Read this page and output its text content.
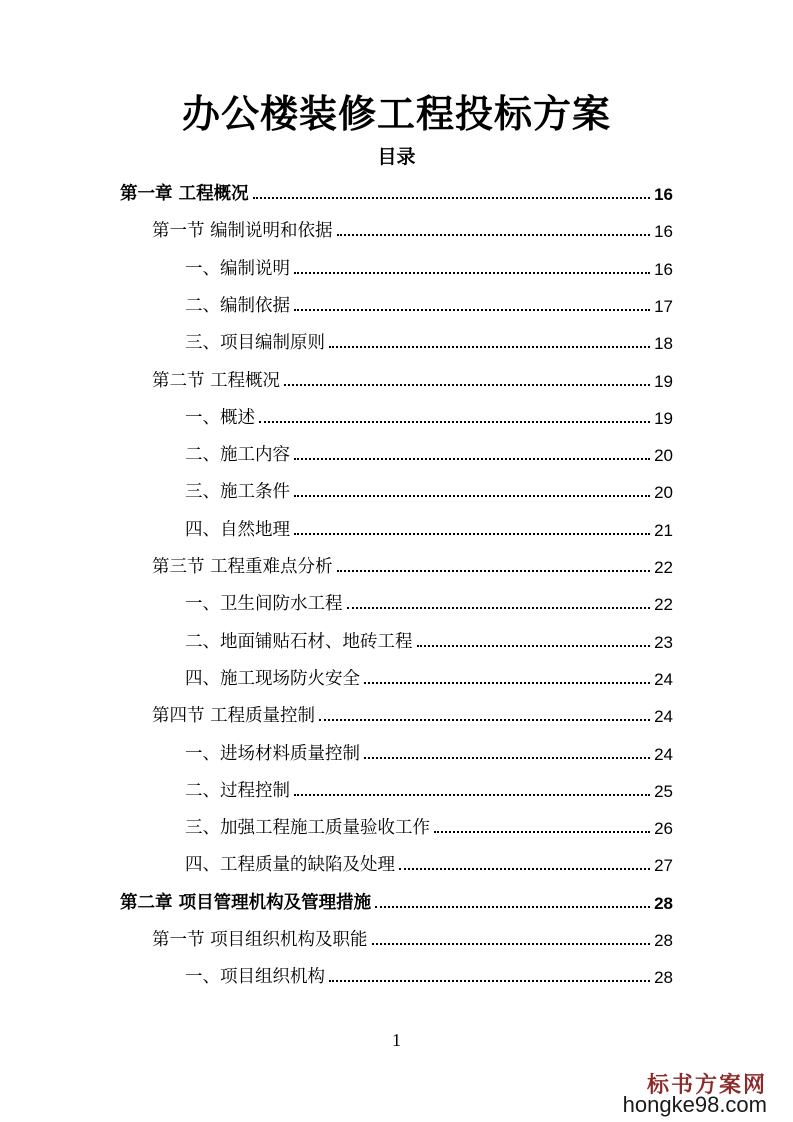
办公楼装修工程投标方案
目录
第一章 工程概况	16
第一节 编制说明和依据	16
一、编制说明	16
二、编制依据	17
三、项目编制原则	18
第二节 工程概况	19
一、概述	19
二、施工内容	20
三、施工条件	20
四、自然地理	21
第三节 工程重难点分析	22
一、卫生间防水工程	22
二、地面铺贴石材、地砖工程	23
四、施工现场防火安全	24
第四节 工程质量控制	24
一、进场材料质量控制	24
二、过程控制	25
三、加强工程施工质量验收工作	26
四、工程质量的缺陷及处理	27
第二章 项目管理机构及管理措施	28
第一节 项目组织机构及职能	28
一、项目组织机构	28
1
标书方案网
hongke98.com
